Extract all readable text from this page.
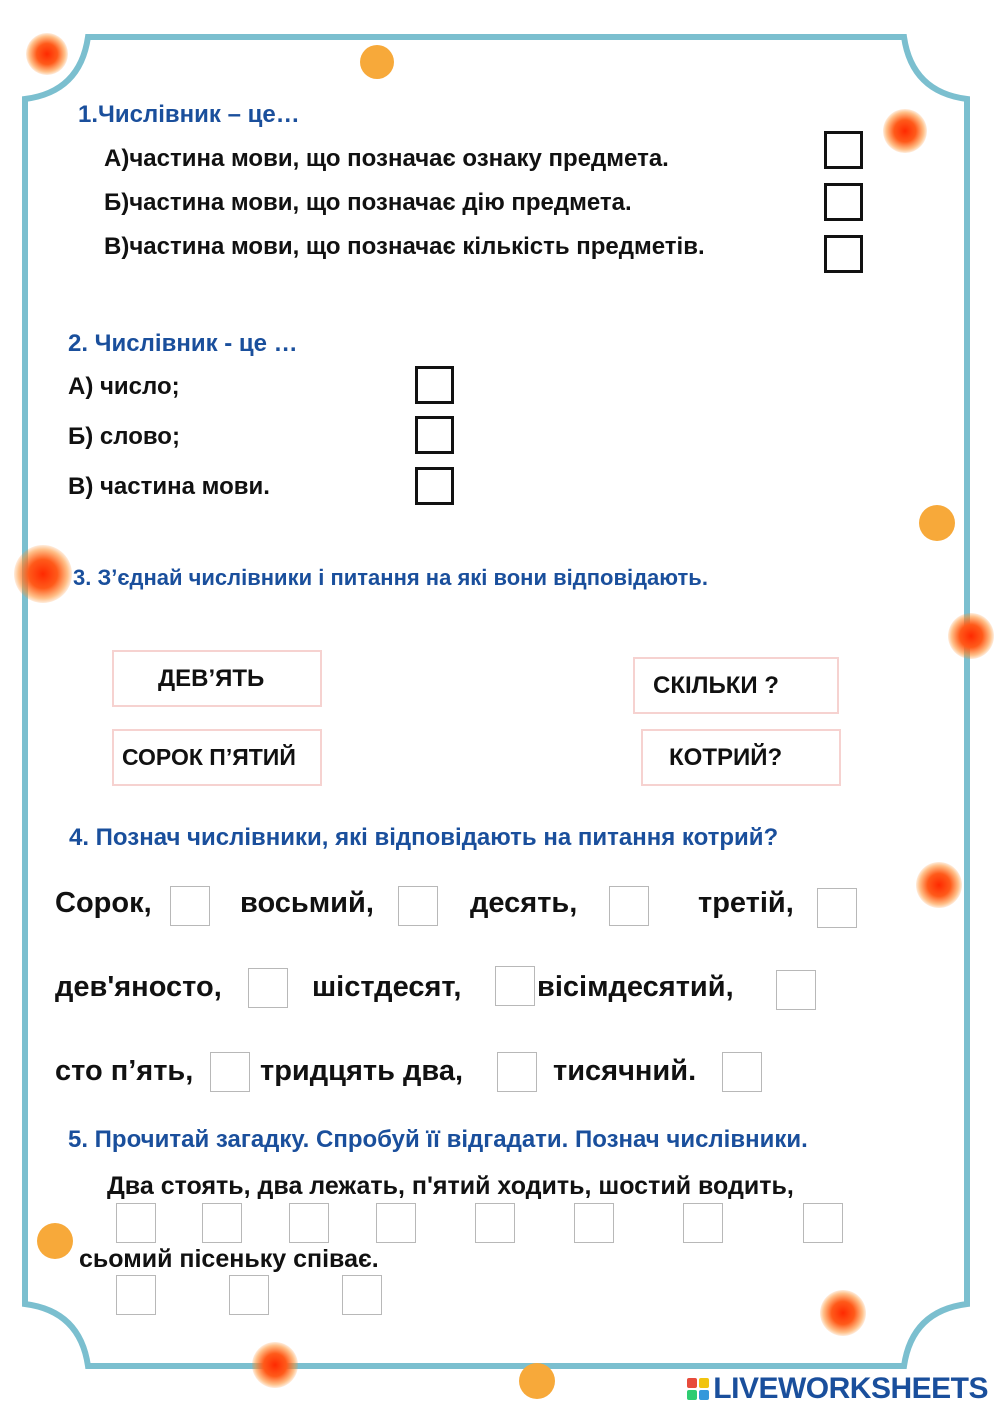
1.Числівник – це…
А)частина мови, що позначає ознаку предмета.
Б)частина мови, що позначає дію предмета.
В)частина мови, що позначає кількість предметів.
2. Числівник - це …
А) число;
Б) слово;
В) частина мови.
3. З’єднай числівники і питання на які вони відповідають.
ДЕВ’ЯТЬ
СОРОК П’ЯТИЙ
СКІЛЬКИ ?
КОТРИЙ?
4. Познач числівники, які відповідають на питання котрий?
Сорок,	восьмий,	десять,	третій,
дев'яносто,	шістдесят,	вісімдесятий,
сто п’ять, тридцять два,	тисячний.
5. Прочитай загадку. Спробуй її відгадати. Познач числівники.
Два стоять, два лежать, п'ятий ходить, шостий водить,
сьомий пісеньку співає.
LIVEWORKSHEETS
